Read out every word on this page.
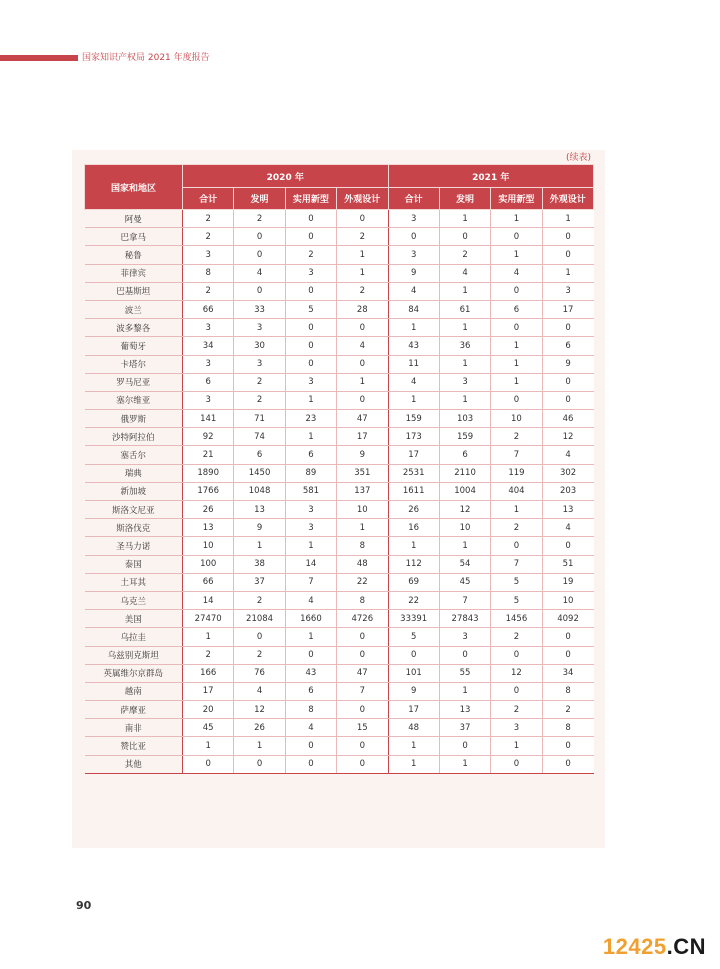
国家知识产权局 2021 年度报告
(续表)
国家和地区	2020 年				2021 年			
	合计	发明	实用新型	外观设计	合计	发明	实用新型	外观设计
阿曼	2	2	0	0	3	1	1	1
巴拿马	2	0	0	2	0	0	0	0
秘鲁	3	0	2	1	3	2	1	0
菲律宾	8	4	3	1	9	4	4	1
巴基斯坦	2	0	0	2	4	1	0	3
波兰	66	33	5	28	84	61	6	17
波多黎各	3	3	0	0	1	1	0	0
葡萄牙	34	30	0	4	43	36	1	6
卡塔尔	3	3	0	0	11	1	1	9
罗马尼亚	6	2	3	1	4	3	1	0
塞尔维亚	3	2	1	0	1	1	0	0
俄罗斯	141	71	23	47	159	103	10	46
沙特阿拉伯	92	74	1	17	173	159	2	12
塞舌尔	21	6	6	9	17	6	7	4
瑞典	1890	1450	89	351	2531	2110	119	302
新加坡	1766	1048	581	137	1611	1004	404	203
斯洛文尼亚	26	13	3	10	26	12	1	13
斯洛伐克	13	9	3	1	16	10	2	4
圣马力诺	10	1	1	8	1	1	0	0
泰国	100	38	14	48	112	54	7	51
土耳其	66	37	7	22	69	45	5	19
乌克兰	14	2	4	8	22	7	5	10
美国	27470	21084	1660	4726	33391	27843	1456	4092
乌拉圭	1	0	1	0	5	3	2	0
乌兹别克斯坦	2	2	0	0	0	0	0	0
英属维尔京群岛	166	76	43	47	101	55	12	34
越南	17	4	6	7	9	1	0	8
萨摩亚	20	12	8	0	17	13	2	2
南非	45	26	4	15	48	37	3	8
赞比亚	1	1	0	0	1	0	1	0
其他	0	0	0	0	1	1	0	0
90
12425.CN
